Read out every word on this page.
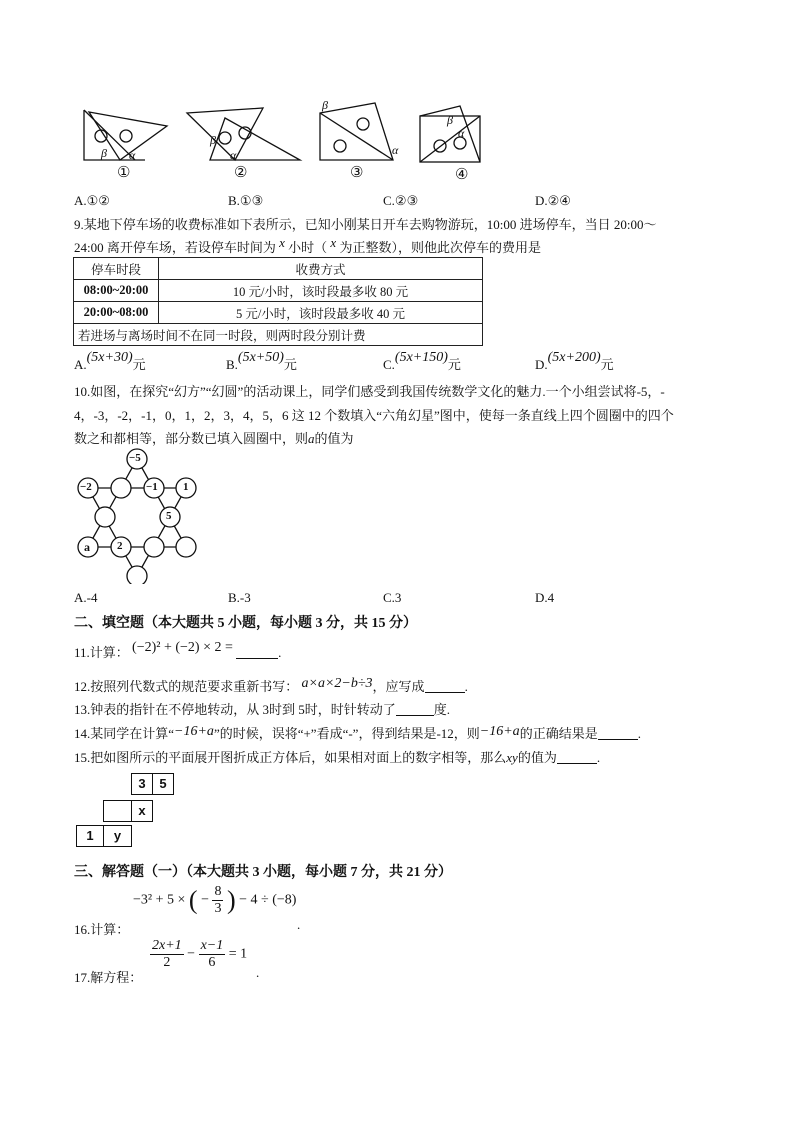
β α
①
β
α
②
β
α
③
β
α
④
A.①②	B.①③	C.②③	D.②④
9.某地下停车场的收费标准如下表所示，已知小刚某日开车去购物游玩，10:00 进场停车，当日 20:00～
24:00 离开停车场，若设停车时间为 x 小时（ x 为正整数），则他此次停车的费用是
停车时段	收费方式
08:00~20:00	10 元/小时，该时段最多收 80 元
20:00~08:00	5 元/小时，该时段最多收 40 元
若进场与离场时间不在同一时段，则两时段分别计费	
A.(5x+30)元	B.(5x+50)元	C.(5x+150)元	D.(5x+200)元
10.如图，在探究“幻方”“幻圆”的活动课上，同学们感受到我国传统数学文化的魅力.一个小组尝试将-5，-
4，-3，-2，-1，0，1，2，3，4，5，6 这 12 个数填入“六角幻星”图中，使每一条直线上四个圆圈中的四个
数之和都相等，部分数已填入圆圈中，则a的值为
−5
−2	−1 1
5
a 2
A.-4	B.-3	C.3	D.4
二、填空题（本大题共 5 小题，每小题 3 分，共 15 分）
11.计算： (−2)² + (−2) × 2 =	.
12.按照列代数式的规范要求重新书写： a×a×2−b÷3，应写成	.
13.钟表的指针在不停地转动，从 3时到 5时，时针转动了	度.
14.某同学在计算“−16+a”的时候，误将“+”看成“-”，得到结果是-12，则−16+a的正确结果是	.
15.把如图所示的平面展开图折成正方体后，如果相对面上的数字相等，那么xy的值为	.
3	5
x
y
1
三、解答题（一）（本大题共 3 小题，每小题 7 分，共 21 分）
−3² + 5 × ( − $\frac{8}{3}$ ) − 4 ÷ (−8)
16.计算：	.
$\frac{2x+1}{2} - \frac{x-1}{6} = 1$
17.解方程：	.
